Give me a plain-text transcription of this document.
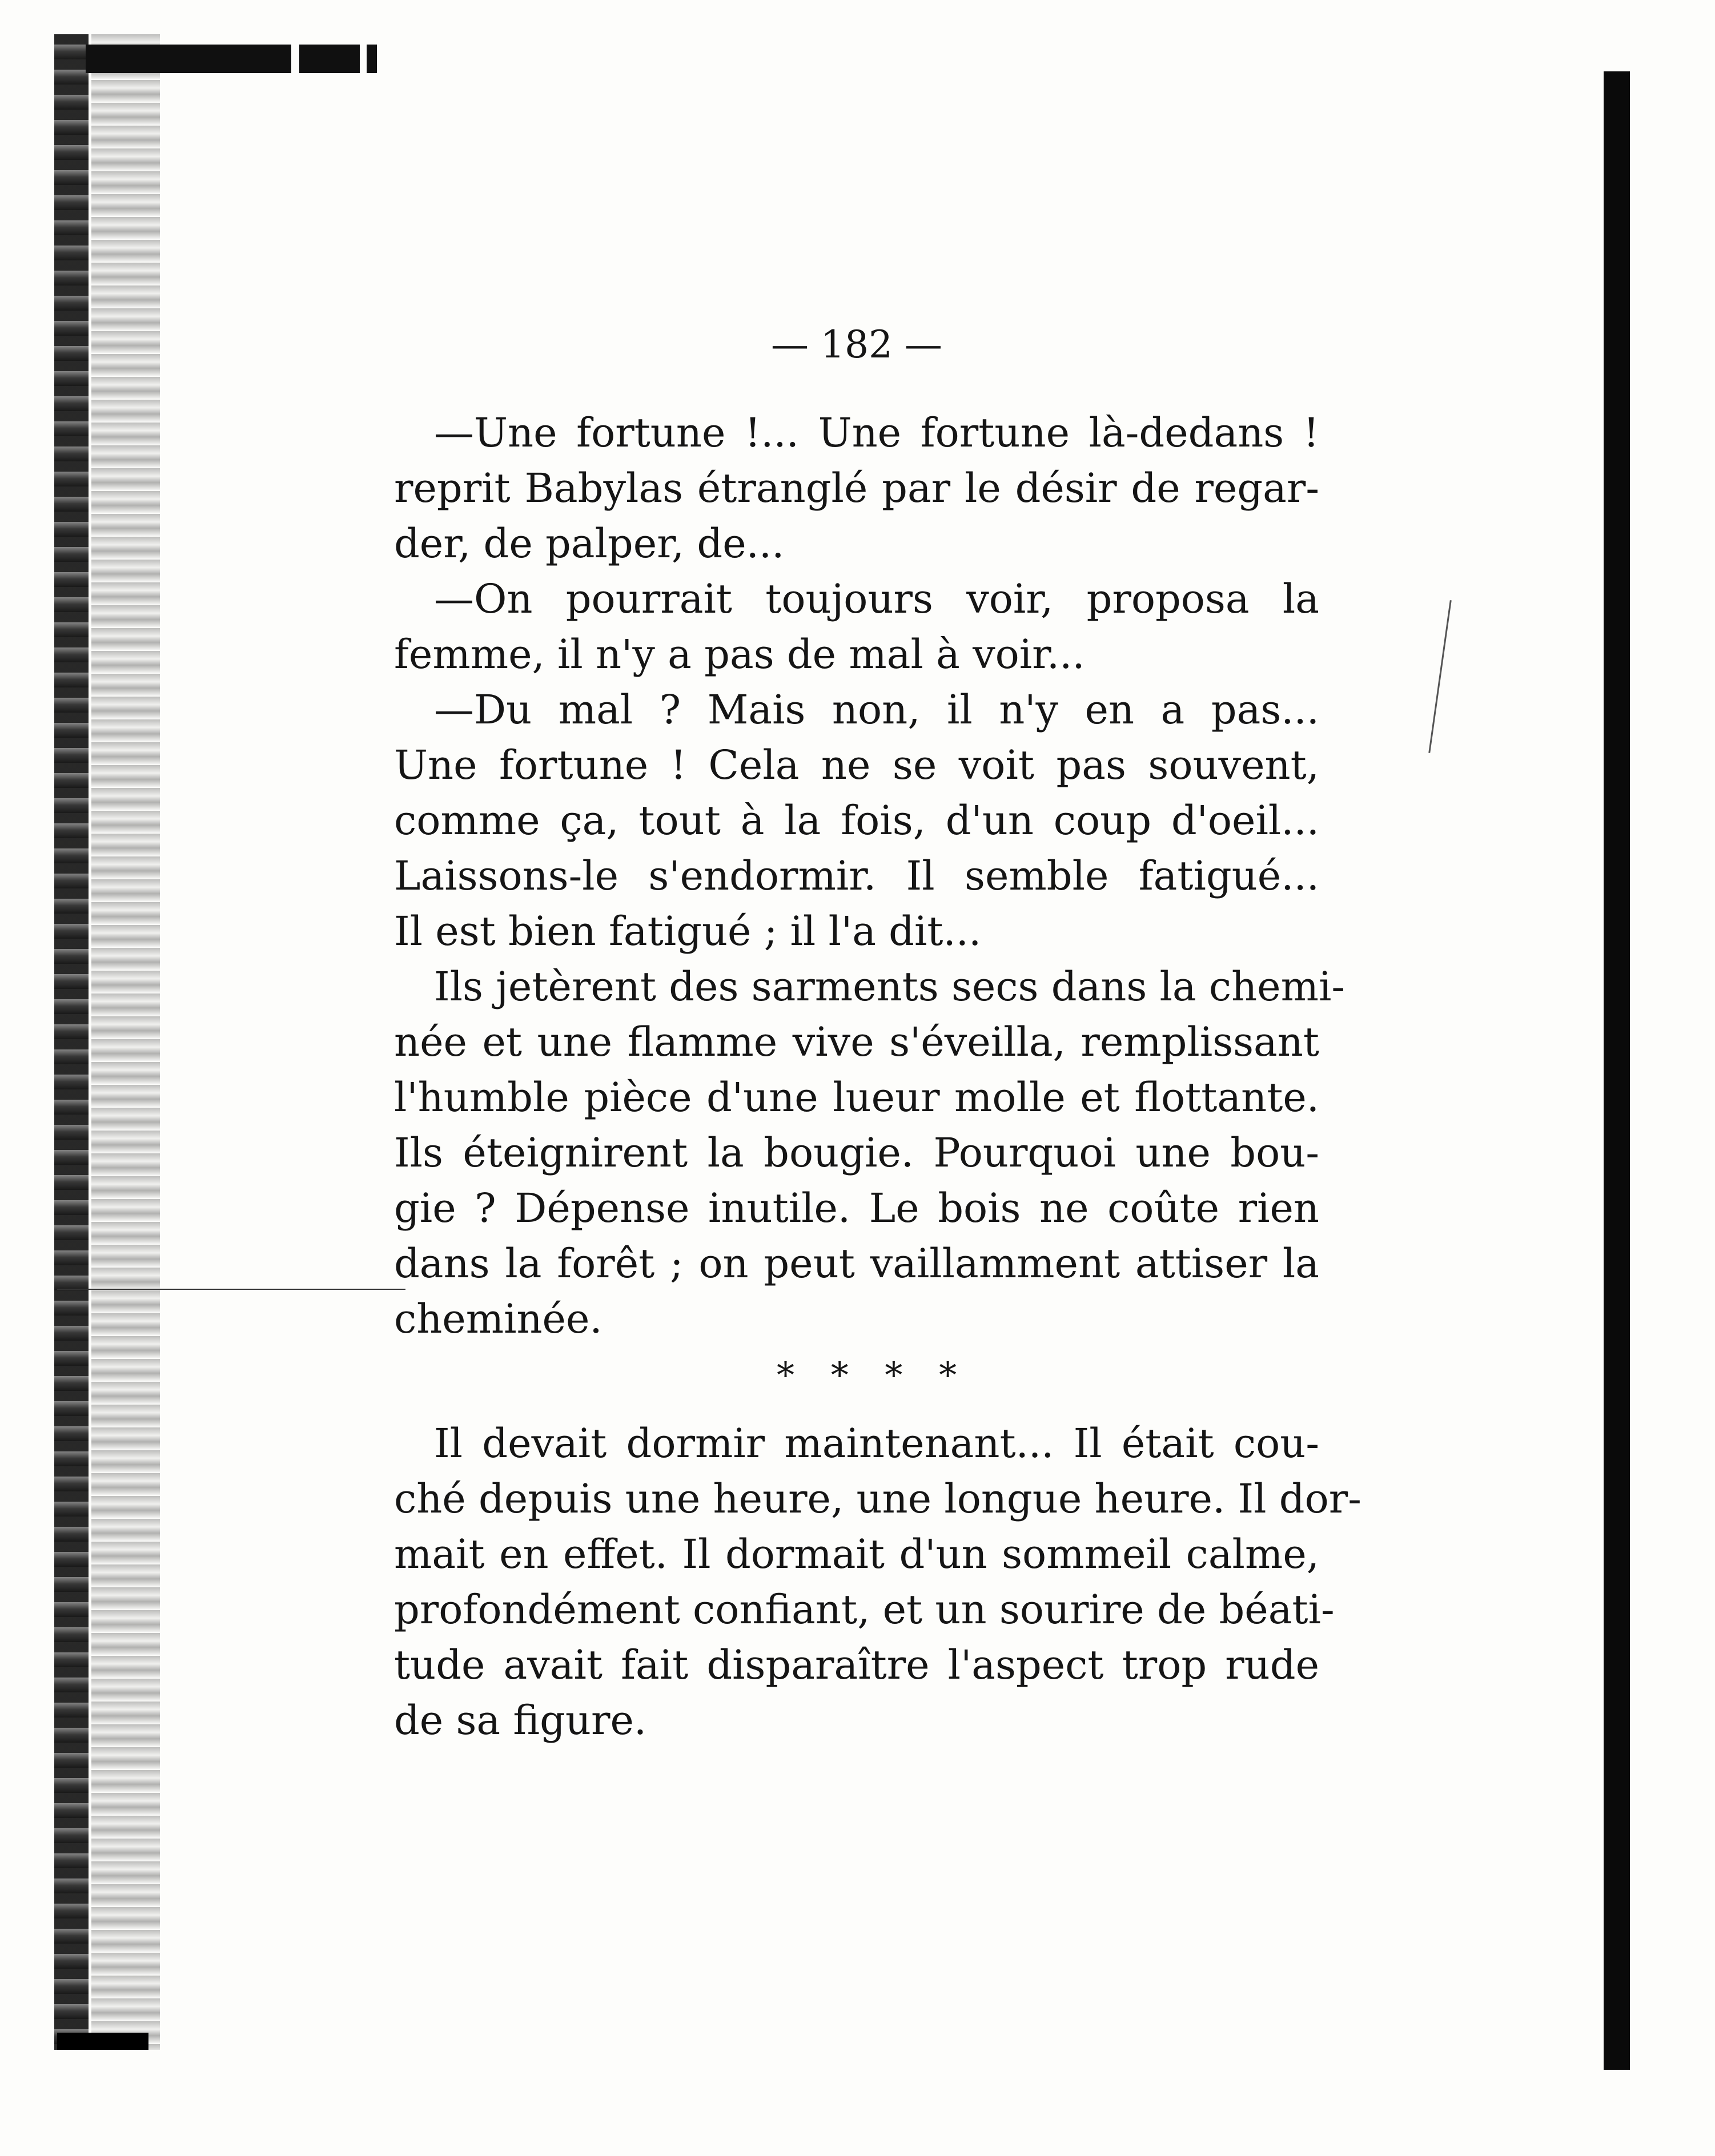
— 182 —
—Une fortune !... Une fortune là-dedans !
reprit Babylas étranglé par le désir de regar-
der, de palper, de...
—On pourrait toujours voir, proposa la
femme, il n'y a pas de mal à voir...
—Du mal ? Mais non, il n'y en a pas...
Une fortune ! Cela ne se voit pas souvent,
comme ça, tout à la fois, d'un coup d'oeil...
Laissons-le s'endormir. Il semble fatigué...
Il est bien fatigué ; il l'a dit...
Ils jetèrent des sarments secs dans la chemi-
née et une flamme vive s'éveilla, remplissant
l'humble pièce d'une lueur molle et flottante.
Ils éteignirent la bougie. Pourquoi une bou-
gie ? Dépense inutile. Le bois ne coûte rien
dans la forêt ; on peut vaillamment attiser la
cheminée.
Il devait dormir maintenant... Il était cou-
ché depuis une heure, une longue heure. Il dor-
mait en effet. Il dormait d'un sommeil calme,
profondément confiant, et un sourire de béati-
tude avait fait disparaître l'aspect trop rude
de sa figure.
* * * *
